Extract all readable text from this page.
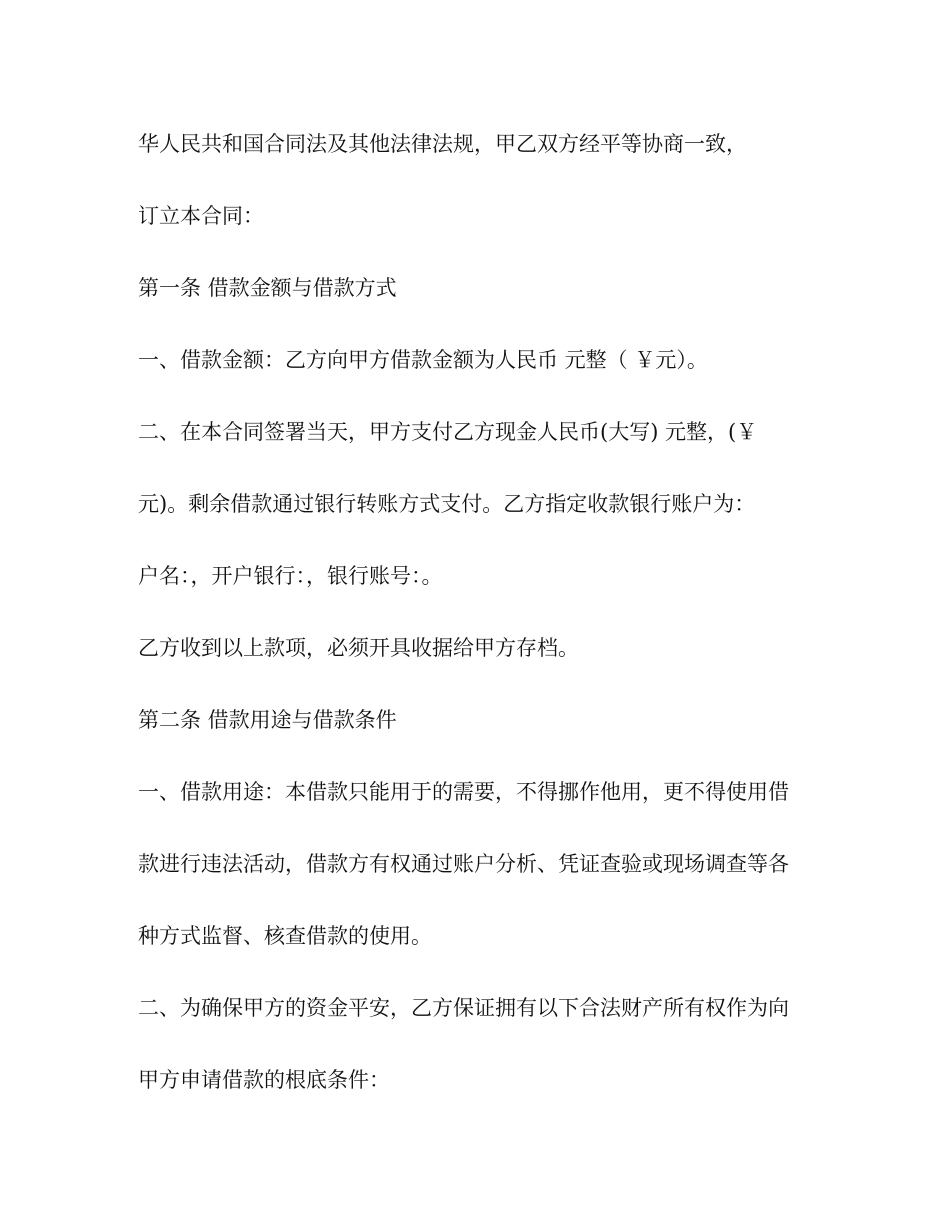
华人民共和国合同法及其他法律法规，甲乙双方经平等协商一致，

订立本合同：

第一条 借款金额与借款方式

一、借款金额：乙方向甲方借款金额为人民币 元整（ ￥元）。

二、在本合同签署当天，甲方支付乙方现金人民币(大写) 元整，(￥

元)。剩余借款通过银行转账方式支付。乙方指定收款银行账户为：

户名：，开户银行：，银行账号：。

乙方收到以上款项，必须开具收据给甲方存档。

第二条 借款用途与借款条件

一、借款用途：本借款只能用于的需要，不得挪作他用，更不得使用借

款进行违法活动，借款方有权通过账户分析、凭证查验或现场调查等各

种方式监督、核查借款的使用。

二、为确保甲方的资金平安，乙方保证拥有以下合法财产所有权作为向

甲方申请借款的根底条件：
